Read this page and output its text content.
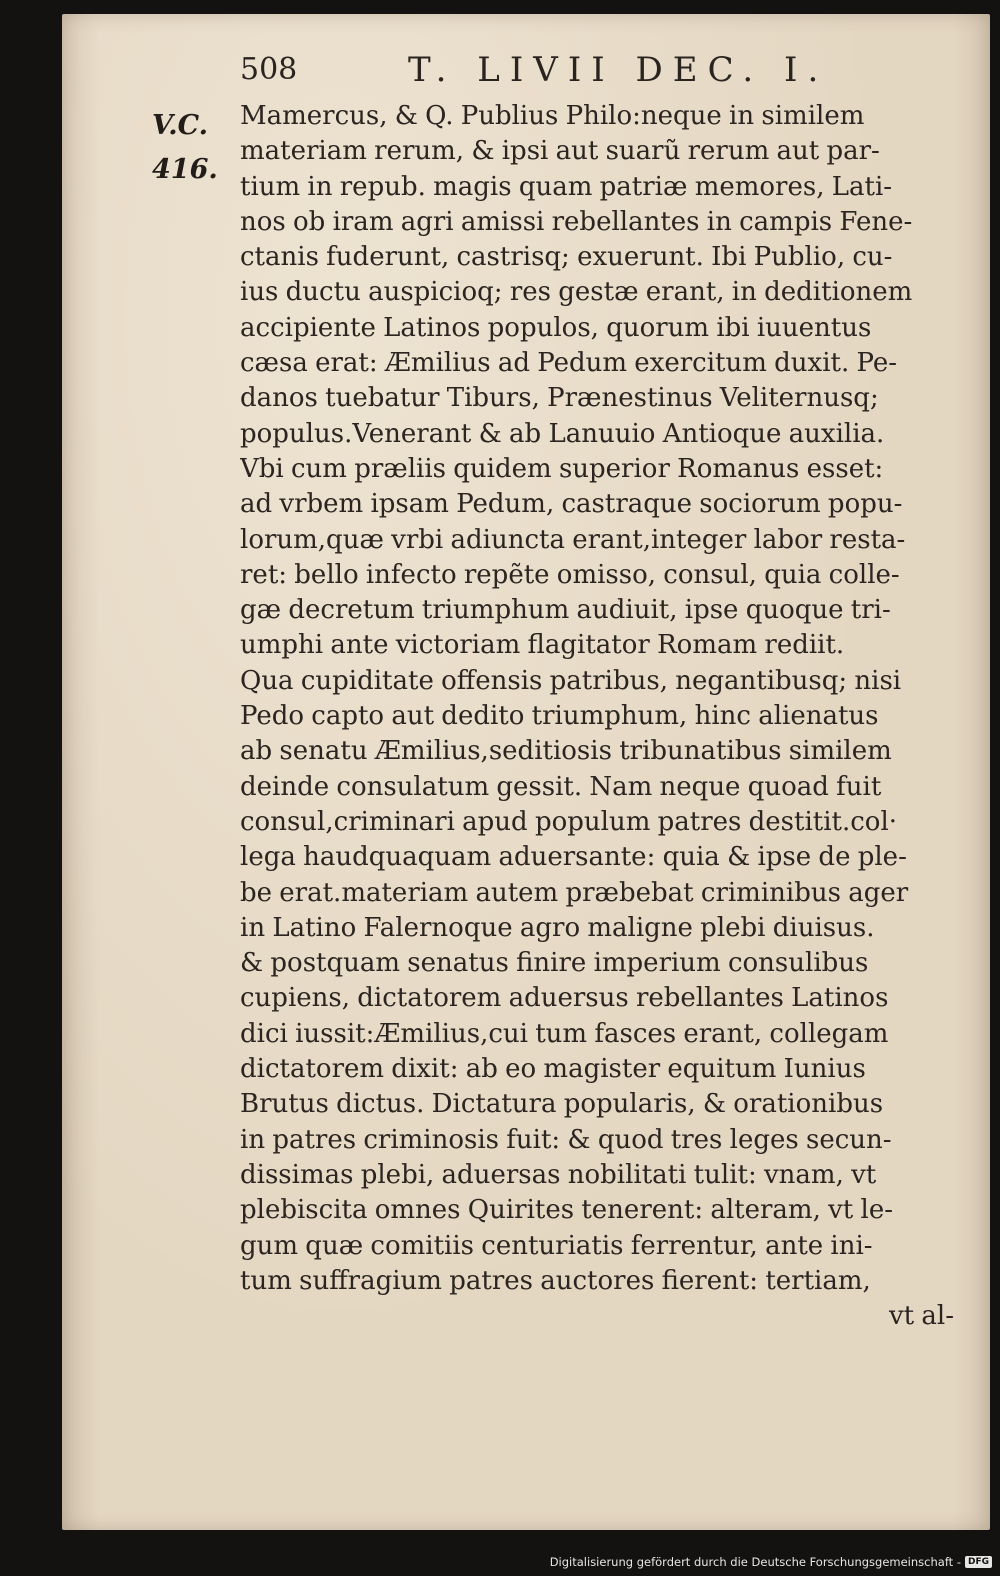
508	T. LIVII DEC. I.
V.C.
416.
Mamercus, & Q. Publius Philo:neque in similem
materiam rerum, & ipsi aut suarũ rerum aut par-
tium in repub. magis quam patriæ memores, Lati-
nos ob iram agri amissi rebellantes in campis Fene-
ctanis fuderunt, castrisq; exuerunt. Ibi Publio, cu-
ius ductu auspicioq; res gestæ erant, in deditionem
accipiente Latinos populos, quorum ibi iuuentus
cæsa erat: Æmilius ad Pedum exercitum duxit. Pe-
danos tuebatur Tiburs, Prænestinus Veliternusq;
populus.Venerant & ab Lanuuio Antioque auxilia.
Vbi cum præliis quidem superior Romanus esset:
ad vrbem ipsam Pedum, castraque sociorum popu-
lorum,quæ vrbi adiuncta erant,integer labor resta-
ret: bello infecto repẽte omisso, consul, quia colle-
gæ decretum triumphum audiuit, ipse quoque tri-
umphi ante victoriam flagitator Romam rediit.
Qua cupiditate offensis patribus, negantibusq; nisi
Pedo capto aut dedito triumphum, hinc alienatus
ab senatu Æmilius,seditiosis tribunatibus similem
deinde consulatum gessit. Nam neque quoad fuit
consul,criminari apud populum patres destitit.col·
lega haudquaquam aduersante: quia & ipse de ple-
be erat.materiam autem præbebat criminibus ager
in Latino Falernoque agro maligne plebi diuisus.
& postquam senatus finire imperium consulibus
cupiens, dictatorem aduersus rebellantes Latinos
dici iussit:Æmilius,cui tum fasces erant, collegam
dictatorem dixit: ab eo magister equitum Iunius
Brutus dictus. Dictatura popularis, & orationibus
in patres criminosis fuit: & quod tres leges secun-
dissimas plebi, aduersas nobilitati tulit: vnam, vt
plebiscita omnes Quirites tenerent: alteram, vt le-
gum quæ comitiis centuriatis ferrentur, ante ini-
tum suffragium patres auctores fierent: tertiam,
vt al-
Digitalisierung gefördert durch die Deutsche Forschungsgemeinschaft - DFG
